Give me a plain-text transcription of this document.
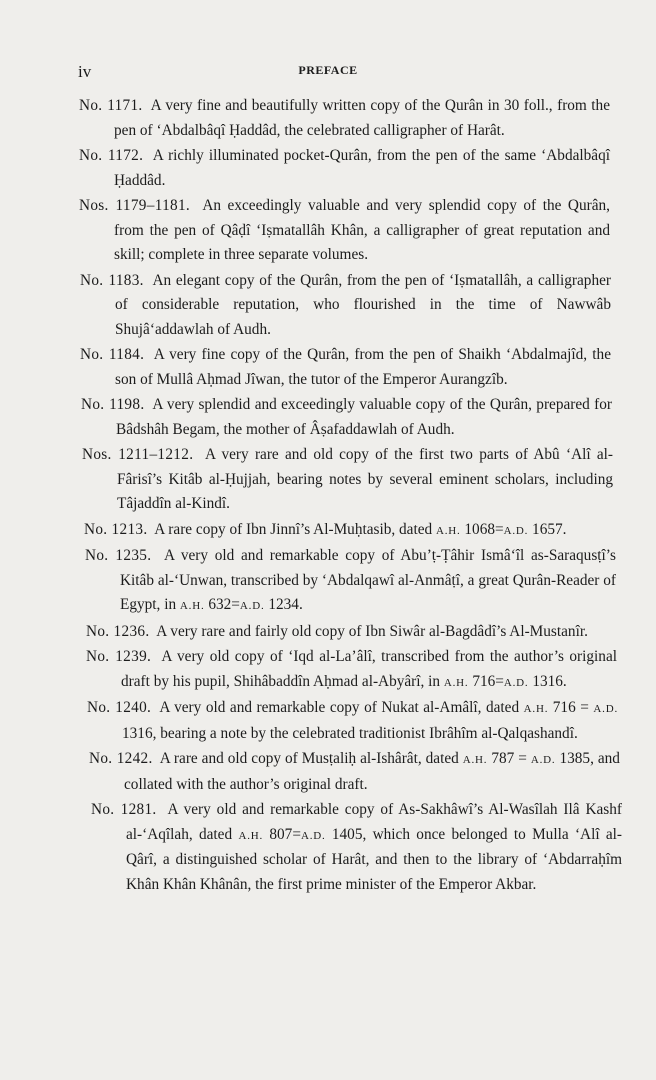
iv	PREFACE

No. 1171. A very fine and beautifully written copy of the Qurân in 30 foll., from the pen of ‘Abdalbâqî Ḥaddâd, the celebrated calligrapher of Harât.

No. 1172. A richly illuminated pocket-Qurân, from the pen of the same ‘Abdalbâqî Ḥaddâd.

Nos. 1179–1181. An exceedingly valuable and very splendid copy of the Qurân, from the pen of Qâḍî ‘Iṣmatallâh Khân, a calligrapher of great reputation and skill; complete in three separate volumes.

No. 1183. An elegant copy of the Qurân, from the pen of ‘Iṣmatallâh, a calligrapher of considerable reputation, who flourished in the time of Nawwâb Shujâ‘addawlah of Audh.

No. 1184. A very fine copy of the Qurân, from the pen of Shaikh ‘Abdalmajîd, the son of Mullâ Aḥmad Jîwan, the tutor of the Emperor Aurangzîb.

No. 1198. A very splendid and exceedingly valuable copy of the Qurân, prepared for Bâdshâh Begam, the mother of Âṣafaddawlah of Audh.

Nos. 1211–1212. A very rare and old copy of the first two parts of Abû ‘Alî al-Fârisî’s Kitâb al-Ḥujjah, bearing notes by several eminent scholars, including Tâjaddîn al-Kindî.

No. 1213. A rare copy of Ibn Jinnî’s Al-Muḥtasib, dated A.H. 1068=A.D. 1657.

No. 1235. A very old and remarkable copy of Abu’ṭ-Ṭâhir Ismâ‘îl as-Saraqusṭî’s Kitâb al-‘Unwan, transcribed by ‘Abdalqawî al-Anmâṭî, a great Qurân-Reader of Egypt, in A.H. 632=A.D. 1234.

No. 1236. A very rare and fairly old copy of Ibn Siwâr al-Bagdâdî’s Al-Mustanîr.

No. 1239. A very old copy of ‘Iqd al-La’âlî, transcribed from the author’s original draft by his pupil, Shihâbaddîn Aḥmad al-Abyârî, in A.H. 716=A.D. 1316.

No. 1240. A very old and remarkable copy of Nukat al-Amâlî, dated A.H. 716 = A.D. 1316, bearing a note by the celebrated traditionist Ibrâhîm al-Qalqashandî.

No. 1242. A rare and old copy of Musṭaliḥ al-Ishârât, dated A.H. 787 = A.D. 1385, and collated with the author’s original draft.

No. 1281. A very old and remarkable copy of As-Sakhâwî’s Al-Wasîlah Ilâ Kashf al-‘Aqîlah, dated A.H. 807=A.D. 1405, which once belonged to Mulla ‘Alî al-Qârî, a distinguished scholar of Harât, and then to the library of ‘Abdarraḥîm Khân Khân Khânân, the first prime minister of the Emperor Akbar.
